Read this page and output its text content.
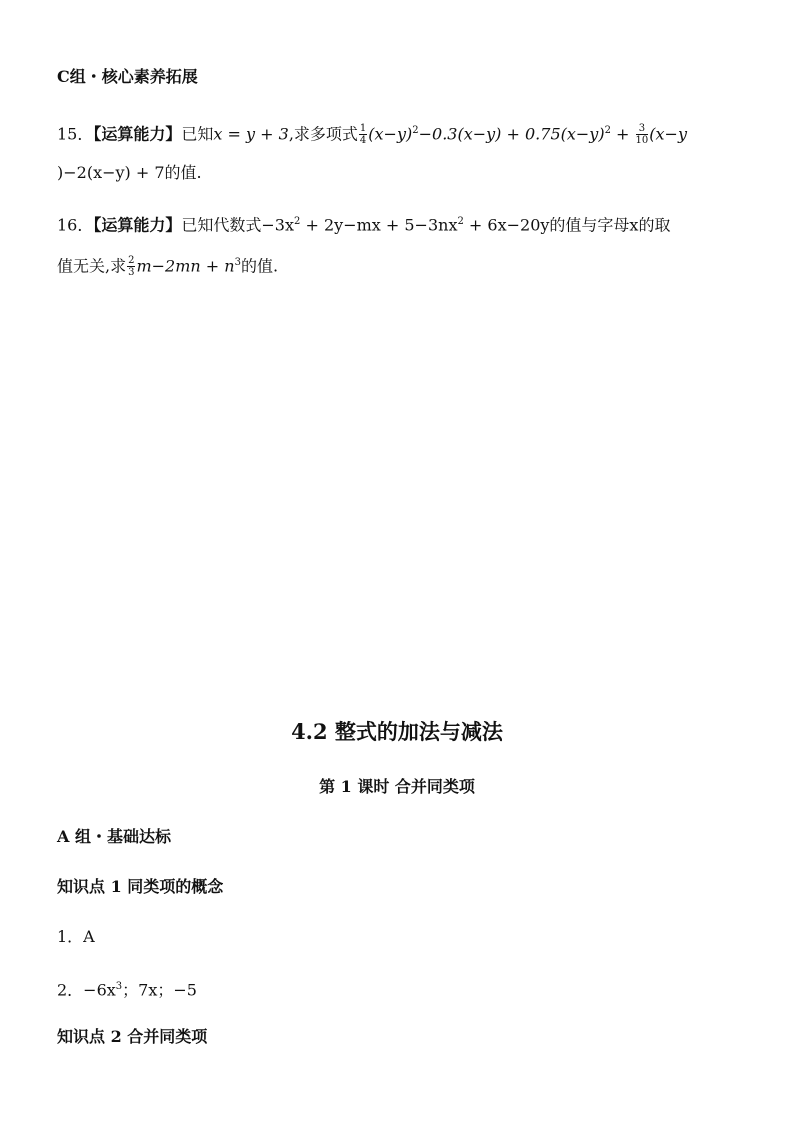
C组・核心素养拓展
15．【运算能力】已知x = y + 3,求多项式 $\frac{1}{4} (x-y)^2-0.3(x-y) + 0.75(x-y)^2 + \frac{3}{10} (x-y$
)−2(x−y) + 7的值.
16．【运算能力】已知代数式$-3x^2 + 2y-mx + 5-3nx^2 + 6x-20y$的值与字母x的取
值无关,求 $\frac{2}{3} m-2mn + n^3$的值.
4.2 整式的加法与减法
第 1 课时 合并同类项
A 组・基础达标
知识点 1 同类项的概念
1．A
2．$-6x^3$；7x；−5
知识点 2 合并同类项
